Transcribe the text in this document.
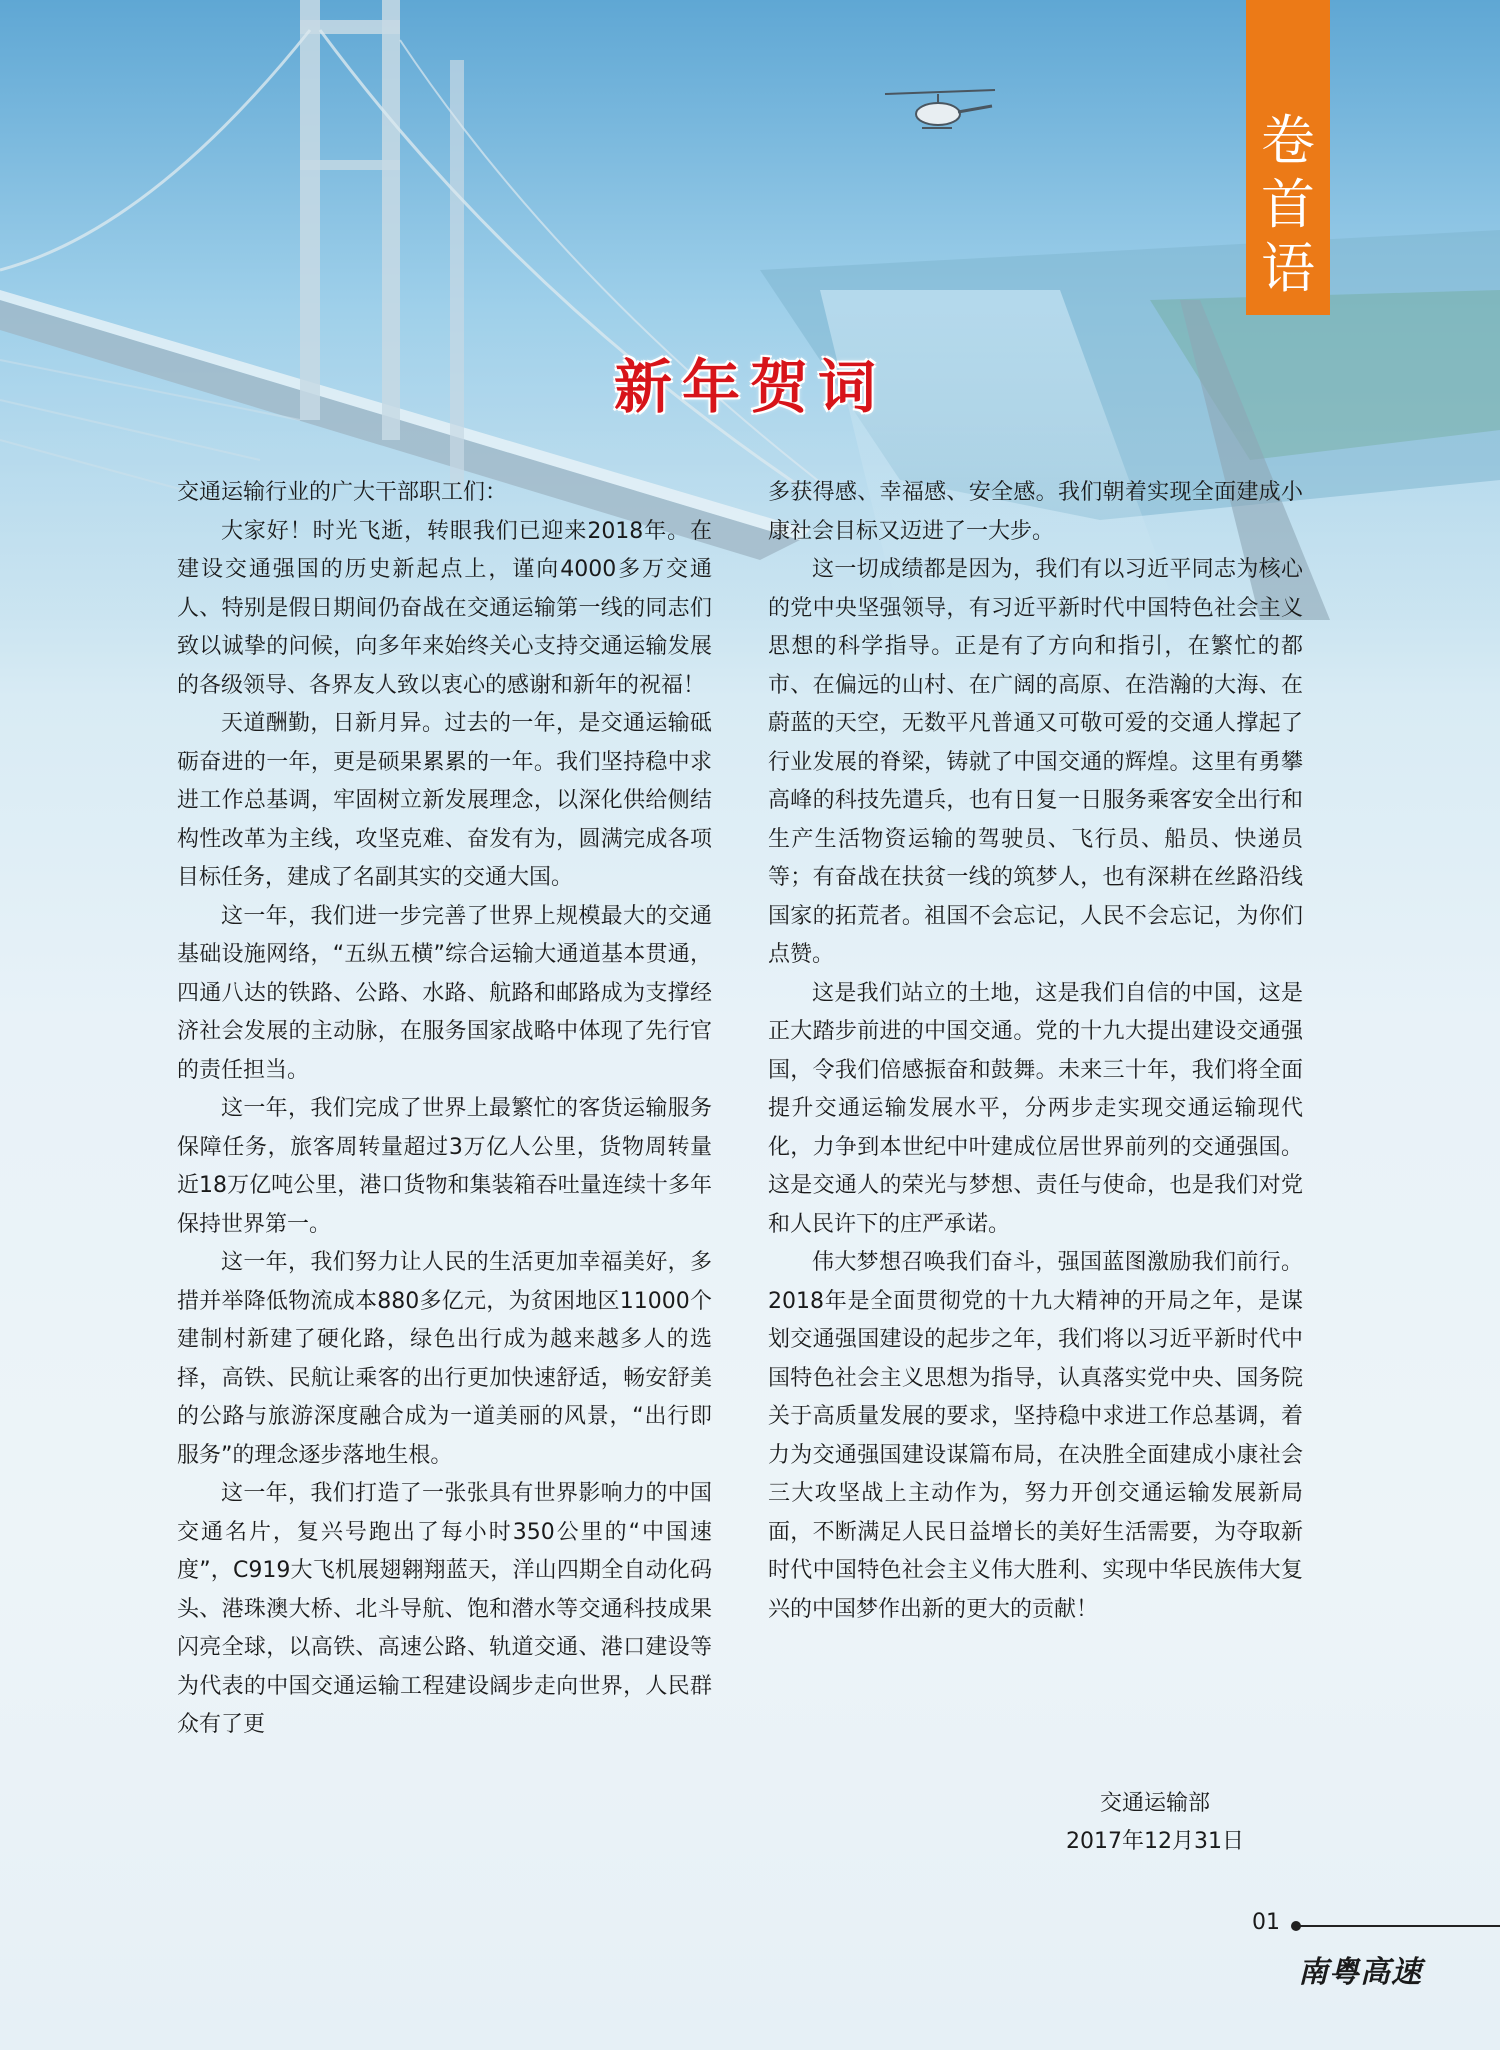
卷
首
语
新年贺词

交通运输行业的广大干部职工们：

大家好！时光飞逝，转眼我们已迎来2018年。在建设交通强国的历史新起点上，谨向4000多万交通人、特别是假日期间仍奋战在交通运输第一线的同志们致以诚挚的问候，向多年来始终关心支持交通运输发展的各级领导、各界友人致以衷心的感谢和新年的祝福！

天道酬勤，日新月异。过去的一年，是交通运输砥砺奋进的一年，更是硕果累累的一年。我们坚持稳中求进工作总基调，牢固树立新发展理念，以深化供给侧结构性改革为主线，攻坚克难、奋发有为，圆满完成各项目标任务，建成了名副其实的交通大国。

这一年，我们进一步完善了世界上规模最大的交通基础设施网络，“五纵五横”综合运输大通道基本贯通，四通八达的铁路、公路、水路、航路和邮路成为支撑经济社会发展的主动脉，在服务国家战略中体现了先行官的责任担当。

这一年，我们完成了世界上最繁忙的客货运输服务保障任务，旅客周转量超过3万亿人公里，货物周转量近18万亿吨公里，港口货物和集装箱吞吐量连续十多年保持世界第一。

这一年，我们努力让人民的生活更加幸福美好，多措并举降低物流成本880多亿元，为贫困地区11000个建制村新建了硬化路，绿色出行成为越来越多人的选择，高铁、民航让乘客的出行更加快速舒适，畅安舒美的公路与旅游深度融合成为一道美丽的风景，“出行即服务”的理念逐步落地生根。

这一年，我们打造了一张张具有世界影响力的中国交通名片，复兴号跑出了每小时350公里的“中国速度”，C919大飞机展翅翱翔蓝天，洋山四期全自动化码头、港珠澳大桥、北斗导航、饱和潜水等交通科技成果闪亮全球，以高铁、高速公路、轨道交通、港口建设等为代表的中国交通运输工程建设阔步走向世界，人民群众有了更

多获得感、幸福感、安全感。我们朝着实现全面建成小康社会目标又迈进了一大步。

这一切成绩都是因为，我们有以习近平同志为核心的党中央坚强领导，有习近平新时代中国特色社会主义思想的科学指导。正是有了方向和指引，在繁忙的都市、在偏远的山村、在广阔的高原、在浩瀚的大海、在蔚蓝的天空，无数平凡普通又可敬可爱的交通人撑起了行业发展的脊梁，铸就了中国交通的辉煌。这里有勇攀高峰的科技先遣兵，也有日复一日服务乘客安全出行和生产生活物资运输的驾驶员、飞行员、船员、快递员等；有奋战在扶贫一线的筑梦人，也有深耕在丝路沿线国家的拓荒者。祖国不会忘记，人民不会忘记，为你们点赞。

这是我们站立的土地，这是我们自信的中国，这是正大踏步前进的中国交通。党的十九大提出建设交通强国，令我们倍感振奋和鼓舞。未来三十年，我们将全面提升交通运输发展水平，分两步走实现交通运输现代化，力争到本世纪中叶建成位居世界前列的交通强国。这是交通人的荣光与梦想、责任与使命，也是我们对党和人民许下的庄严承诺。

伟大梦想召唤我们奋斗，强国蓝图激励我们前行。2018年是全面贯彻党的十九大精神的开局之年，是谋划交通强国建设的起步之年，我们将以习近平新时代中国特色社会主义思想为指导，认真落实党中央、国务院关于高质量发展的要求，坚持稳中求进工作总基调，着力为交通强国建设谋篇布局，在决胜全面建成小康社会三大攻坚战上主动作为，努力开创交通运输发展新局面，不断满足人民日益增长的美好生活需要，为夺取新时代中国特色社会主义伟大胜利、实现中华民族伟大复兴的中国梦作出新的更大的贡献！

交通运输部

2017年12月31日

01
南粤高速
